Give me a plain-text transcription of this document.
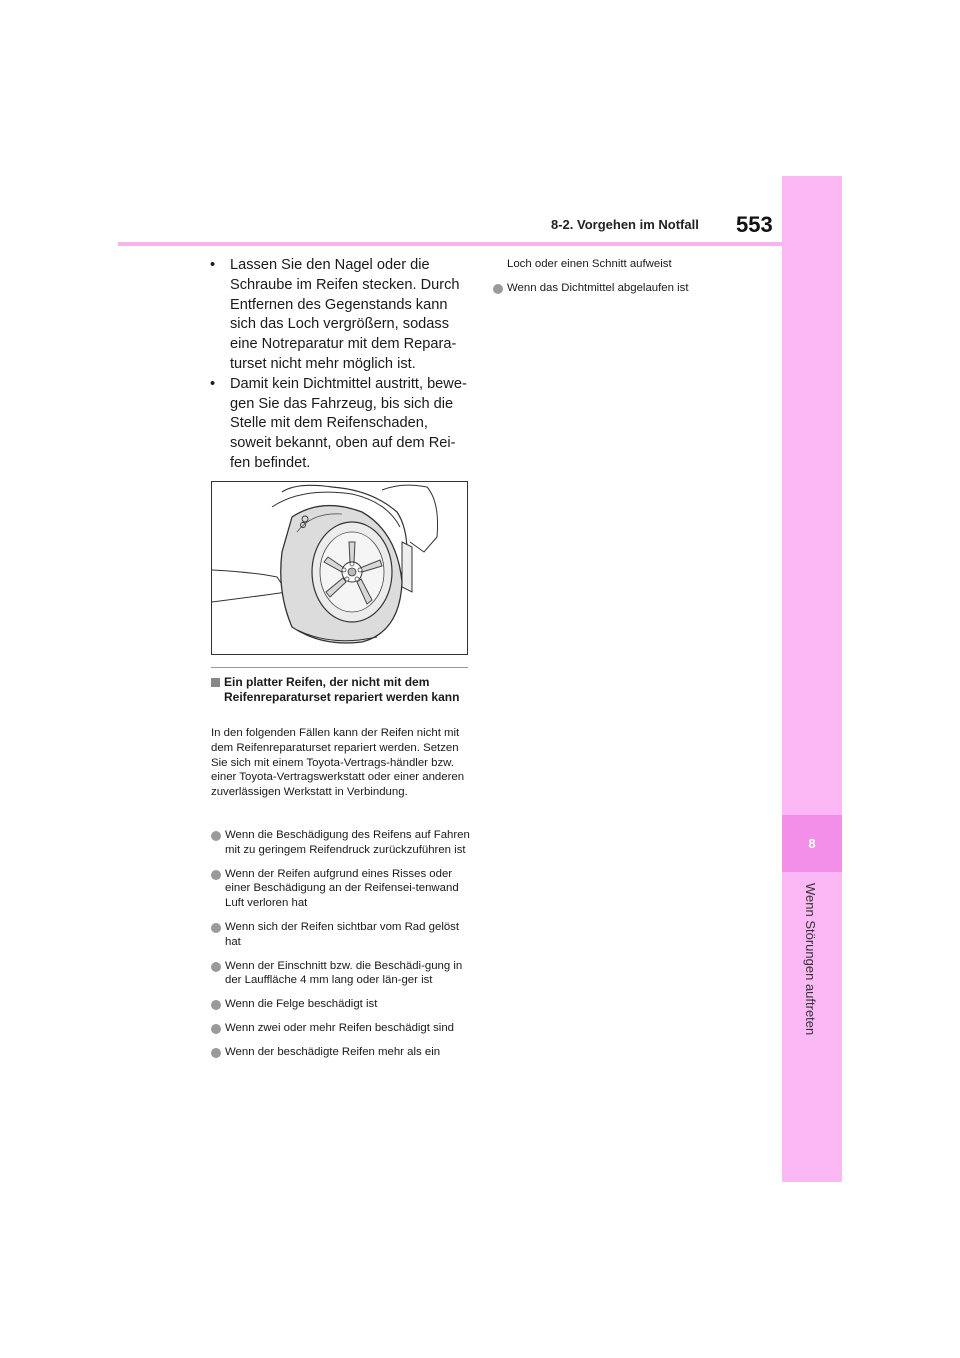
8-2. Vorgehen im Notfall 553
8
Wenn Störungen auftreten
• Lassen Sie den Nagel oder die Schraube im Reifen stecken. Durch Entfernen des Gegenstands kann sich das Loch vergrößern, sodass eine Notreparatur mit dem Repara-turset nicht mehr möglich ist.
• Damit kein Dichtmittel austritt, bewe-gen Sie das Fahrzeug, bis sich die Stelle mit dem Reifenschaden, soweit bekannt, oben auf dem Rei-fen befindet.
Ein platter Reifen, der nicht mit dem Reifenreparaturset repariert werden kann
In den folgenden Fällen kann der Reifen nicht mit dem Reifenreparaturset repariert werden. Setzen Sie sich mit einem Toyota-Vertrags-händler bzw. einer Toyota-Vertragswerkstatt oder einer anderen zuverlässigen Werkstatt in Verbindung.
Wenn die Beschädigung des Reifens auf Fahren mit zu geringem Reifendruck zurückzuführen ist
Wenn der Reifen aufgrund eines Risses oder einer Beschädigung an der Reifensei-tenwand Luft verloren hat
Wenn sich der Reifen sichtbar vom Rad gelöst hat
Wenn der Einschnitt bzw. die Beschädi-gung in der Lauffläche 4 mm lang oder län-ger ist
Wenn die Felge beschädigt ist
Wenn zwei oder mehr Reifen beschädigt sind
Wenn der beschädigte Reifen mehr als ein
Loch oder einen Schnitt aufweist
Wenn das Dichtmittel abgelaufen ist
